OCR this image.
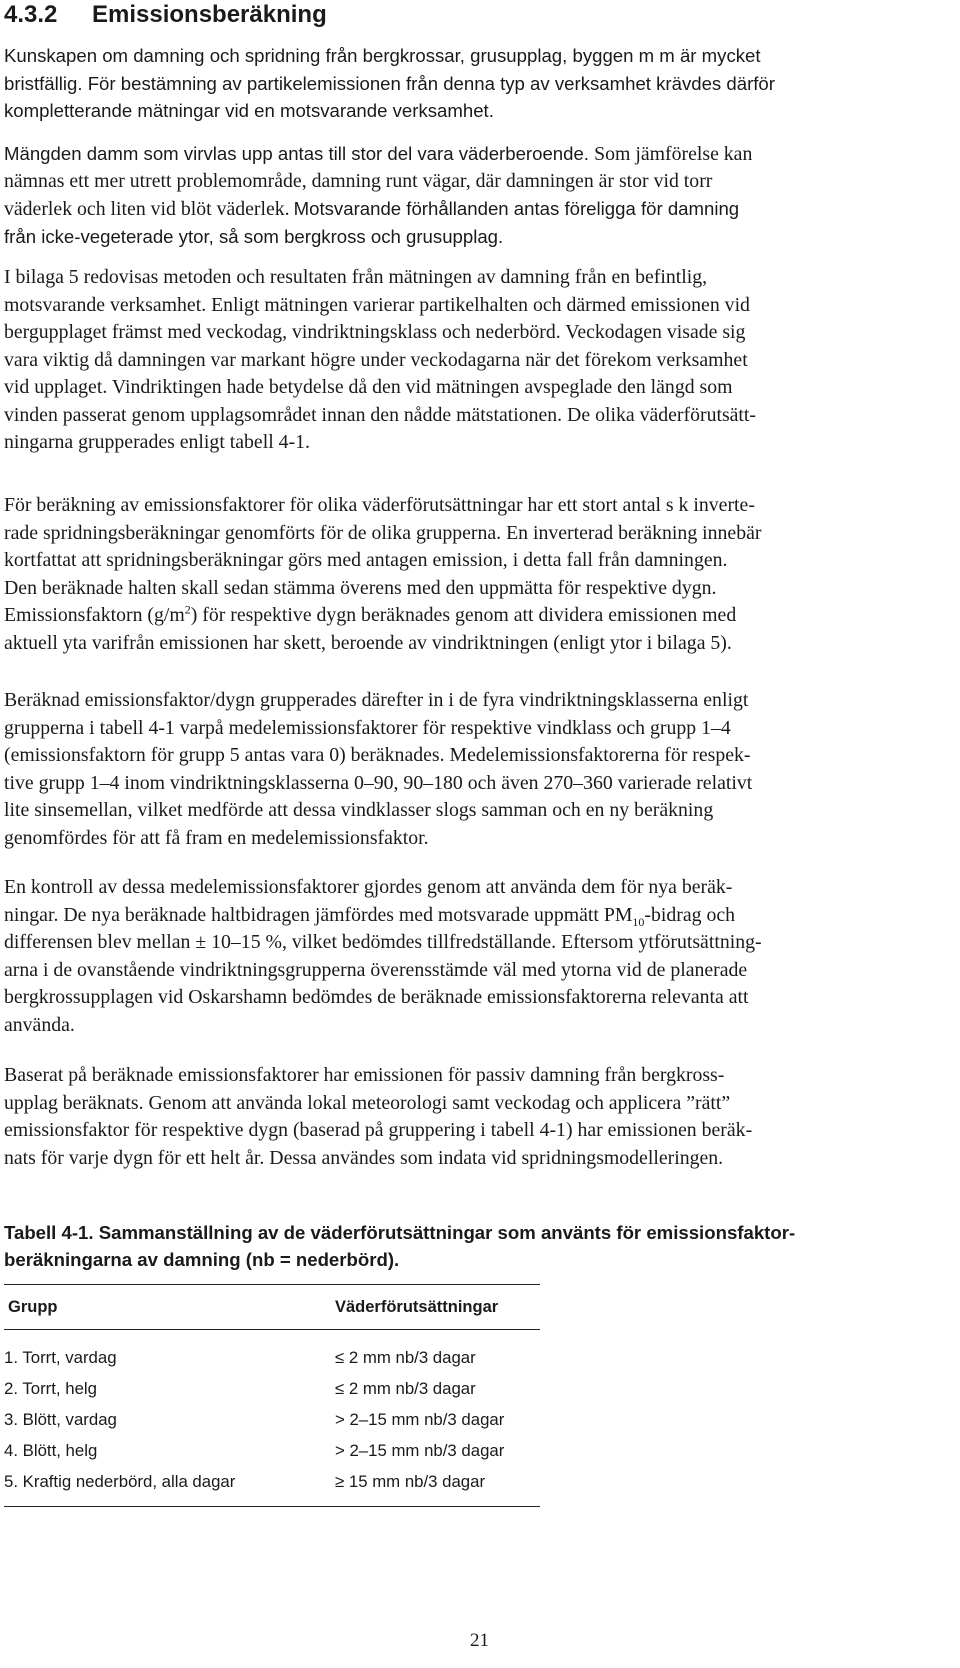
4.3.2 Emissionsberäkning
Kunskapen om damning och spridning från bergkrossar, grusupplag, byggen m m är mycket
bristfällig. För bestämning av partikelemissionen från denna typ av verksamhet krävdes därför
kompletterande mätningar vid en motsvarande verksamhet.
Mängden damm som virvlas upp antas till stor del vara väderberoende. Som jämförelse kan
nämnas ett mer utrett problemområde, damning runt vägar, där damningen är stor vid torr
väderlek och liten vid blöt väderlek. Motsvarande förhållanden antas föreligga för damning
från icke-vegeterade ytor, så som bergkross och grusupplag.
I bilaga 5 redovisas metoden och resultaten från mätningen av damning från en befintlig,
motsvarande verksamhet. Enligt mätningen varierar partikelhalten och därmed emissionen vid
bergupplaget främst med veckodag, vindriktningsklass och nederbörd. Veckodagen visade sig
vara viktig då damningen var markant högre under veckodagarna när det förekom verksamhet
vid upplaget. Vindriktingen hade betydelse då den vid mätningen avspeglade den längd som
vinden passerat genom upplagsområdet innan den nådde mätstationen. De olika väderförutsätt-
ningarna grupperades enligt tabell 4-1.
För beräkning av emissionsfaktorer för olika väderförutsättningar har ett stort antal s k inverte-
rade spridningsberäkningar genomförts för de olika grupperna. En inverterad beräkning innebär
kortfattat att spridningsberäkningar görs med antagen emission, i detta fall från damningen.
Den beräknade halten skall sedan stämma överens med den uppmätta för respektive dygn.
Emissionsfaktorn $(g/m^2)$ för respektive dygn beräknades genom att dividera emissionen med
aktuell yta varifrån emissionen har skett, beroende av vindriktningen (enligt ytor i bilaga 5).
Beräknad emissionsfaktor/dygn grupperades därefter in i de fyra vindriktningsklasserna enligt
grupperna i tabell 4-1 varpå medelemissionsfaktorer för respektive vindklass och grupp 1–4
(emissionsfaktorn för grupp 5 antas vara 0) beräknades. Medelemissionsfaktorerna för respek-
tive grupp 1–4 inom vindriktningsklasserna 0–90, 90–180 och även 270–360 varierade relativt
lite sinsemellan, vilket medförde att dessa vindklasser slogs samman och en ny beräkning
genomfördes för att få fram en medelemissionsfaktor.
En kontroll av dessa medelemissionsfaktorer gjordes genom att använda dem för nya beräk-
ningar. De nya beräknade haltbidragen jämfördes med motsvarade uppmätt $PM_{10}$-bidrag och
differensen blev mellan ± 10–15 %, vilket bedömdes tillfredställande. Eftersom ytförutsättning-
arna i de ovanstående vindriktningsgrupperna överensstämde väl med ytorna vid de planerade
bergkrossupplagen vid Oskarshamn bedömdes de beräknade emissionsfaktorerna relevanta att
använda.
Baserat på beräknade emissionsfaktorer har emissionen för passiv damning från bergkross-
upplag beräknats. Genom att använda lokal meteorologi samt veckodag och applicera ”rätt”
emissionsfaktor för respektive dygn (baserad på gruppering i tabell 4-1) har emissionen beräk-
nats för varje dygn för ett helt år. Dessa användes som indata vid spridningsmodelleringen.
Tabell 4-1. Sammanställning av de väderförutsättningar som använts för emissionsfaktor-
beräkningarna av damning (nb = nederbörd).
Grupp	Väderförutsättningar
1. Torrt, vardag	≤ 2 mm nb/3 dagar
2. Torrt, helg	≤ 2 mm nb/3 dagar
3. Blött, vardag	> 2–15 mm nb/3 dagar
4. Blött, helg	> 2–15 mm nb/3 dagar
5. Kraftig nederbörd, alla dagar	≥ 15 mm nb/3 dagar
21
